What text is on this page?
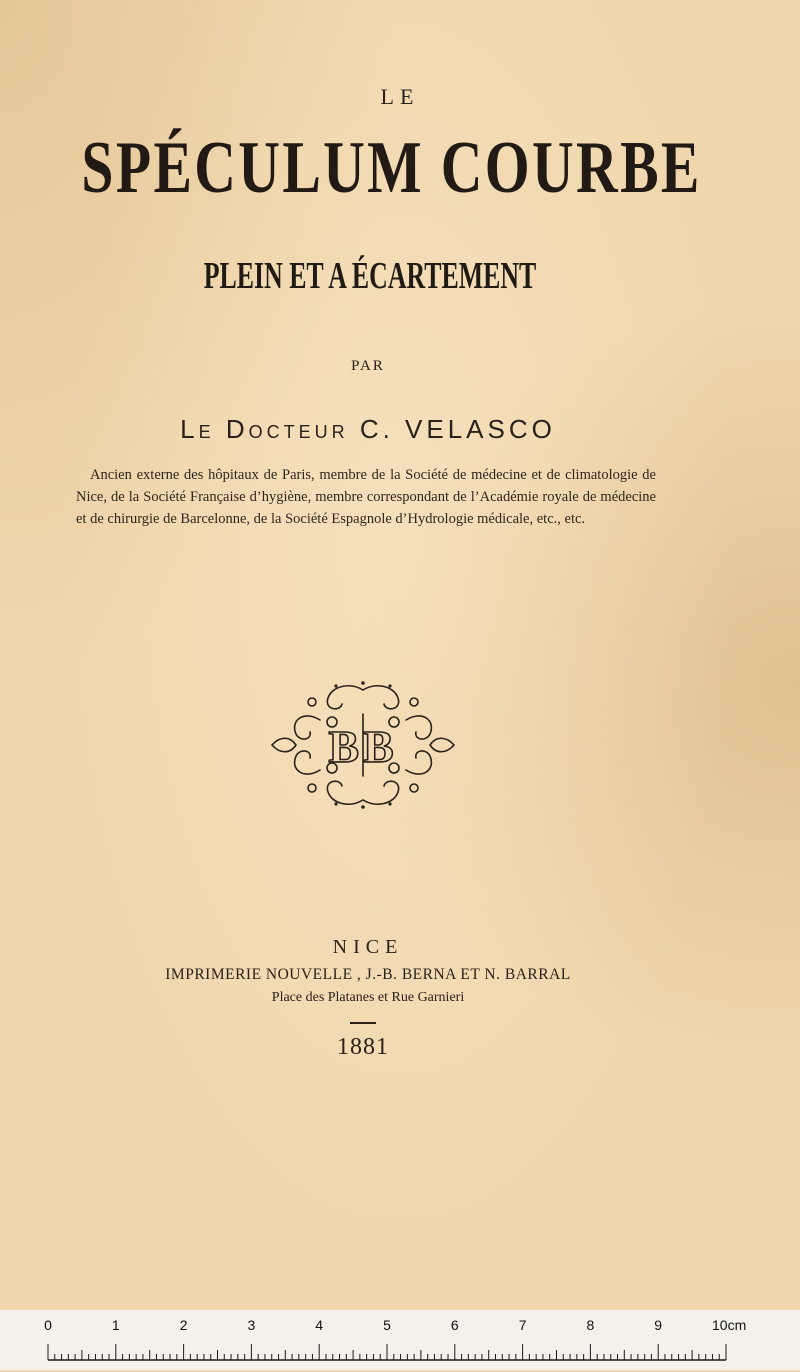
LE
SPÉCULUM COURBE
PLEIN ET A ÉCARTEMENT
PAR
Le Docteur C. VELASCO
Ancien externe des hôpitaux de Paris, membre de la Société de médecine et de climatologie de Nice, de la Société Française d’hygiène, membre correspondant de l’Académie royale de médecine et de chirurgie de Barcelonne, de la Société Espagnole d’Hydrologie médicale, etc., etc.
BB
NICE
IMPRIMERIE NOUVELLE , J.-B. BERNA ET N. BARRAL
Place des Platanes et Rue Garnieri
1881
0	1	2	3	4	5	6	7	8	9	10cm
